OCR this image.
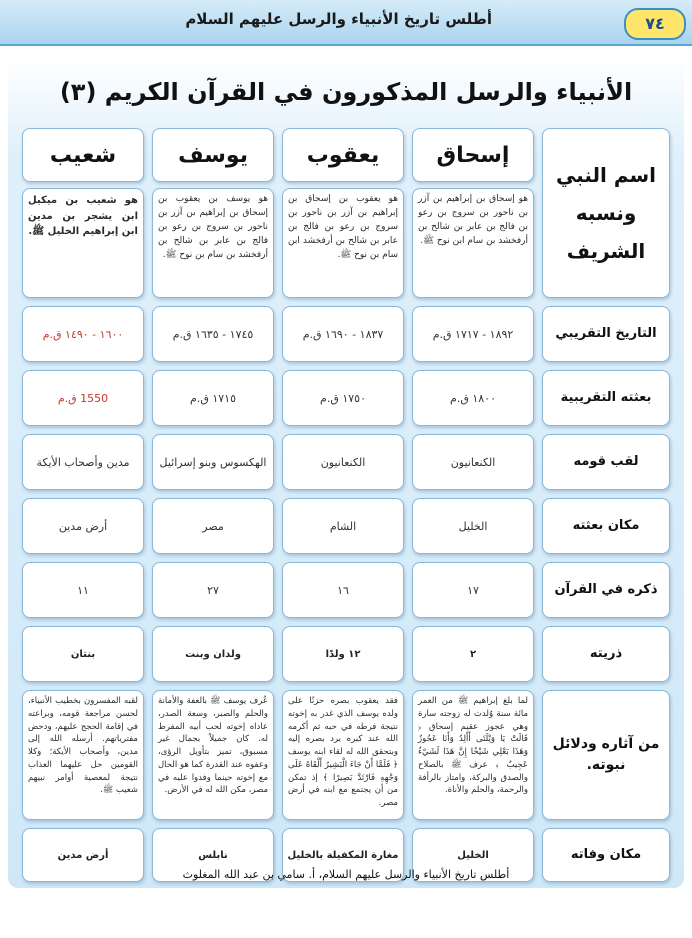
٧٤
أطلس تاريخ الأنبياء والرسل عليهم السلام
الأنبياء والرسل المذكورون في القرآن الكريم (٣)
اسم النبي ونسبه الشريف
إسحاق
يعقوب
يوسف
شعيب
هو إسحاق بن إبراهيم بن آزر بن ناحور بن سروج بن رعو بن فالج بن عابر بن شالح بن أرفخشد بن سام ابن نوح ﷺ.
هو يعقوب بن إسحاق بن إبراهيم بن آزر بن ناحور بن سروج بن رعو بن فالج بن عابر بن شالح بن أرفخشد ابن سام بن نوح ﷺ.
هو يوسف بن يعقوب بن إسحاق بن إبراهيم بن آزر بن ناحور بن سروج بن رعو بن فالج بن عابر بن شالح بن أرفخشد بن سام بن نوح ﷺ.
هو شعيب بن ميكيل ابن يشجر بن مدين ابن إبراهيم الخليل ﷺ.
التاريخ التقريبي
١٨٩٢ - ١٧١٧ ق.م
١٨٣٧ - ١٦٩٠ ق.م
١٧٤٥ - ١٦٣٥ ق.م
١٦٠٠ - ١٤٩٠ ق.م
بعثته التقريبية
١٨٠٠ ق.م
١٧٥٠ ق.م
١٧١٥ ق.م
1550 ق.م
لقب قومه
الكنعانيون
الكنعانيون
الهكسوس وبنو إسرائيل
مدين وأصحاب الأيكة
مكان بعثته
الخليل
الشام
مصر
أرض مدين
ذكره في القرآن
١٧
١٦
٢٧
١١
ذريته
٢
١٢ ولدًا
ولدان وبنت
بنتان
من آثاره ودلائل نبوته.
لما بلغ إبراهيم ﷺ من العمر مائة سنة وُلدت له زوجته سارة وهي عجوز عقيم إسحاق ﴿ قَالَتْ يَا وَيْلَتَى أَأَلِدُ وَأَنَا عَجُوزٌ وَهَذَا بَعْلِي شَيْخًا إِنَّ هَذَا لَشَيْءٌ عَجِيبٌ ﴾ عرف ﷺ بالصلاح والصدق والبركة، وامتاز بالرأفة والرحمة، والحلم والأناة.
فقد يعقوب بصره حزنًا على ولده يوسف الذي غدر به إخوته نتيجة فرطه في حبه ثم أكرمه الله عند كبره برد بصره إليه وبتحقق الله له لقاء ابنه يوسف ﴿ فَلَمَّا أَنْ جَاءَ الْبَشِيرُ أَلْقَاهُ عَلَى وَجْهِهِ فَارْتَدَّ بَصِيرًا ﴾ إذ تمكن من أن يجتمع مع ابنه في أرض مصر.
عُرف يوسف ﷺ بالعفة والأمانة والحلم والصبر، وسعة الصدر، عاداه إخوته لحب أبيه المفرط له. كان جميلاً بجمال غير مسبوق، تميز بتأويل الرؤى، وعفوه عند القدرة كما هو الحال مع إخوته حينما وفدوا عليه في مصر، مكن الله له في الأرض.
لقبه المفسرون بخطيب الأنبياء، لحسن مراجعة قومه، وبراعته في إقامة الحجج عليهم، ودحض مفترياتهم. أرسله الله إلى مدين، وأصحاب الأيكة؛ وكلا القومين حل عليهما العذاب نتيجة لمعصية أوامر نبيهم شعيب ﷺ.
مكان وفاته
الخليل
مغارة المكفيلة بالخليل
نابلس
أرض مدين
أطلس تاريخ الأنبياء والرسل عليهم السلام، أ. سامي بن عبد الله المغلوث
